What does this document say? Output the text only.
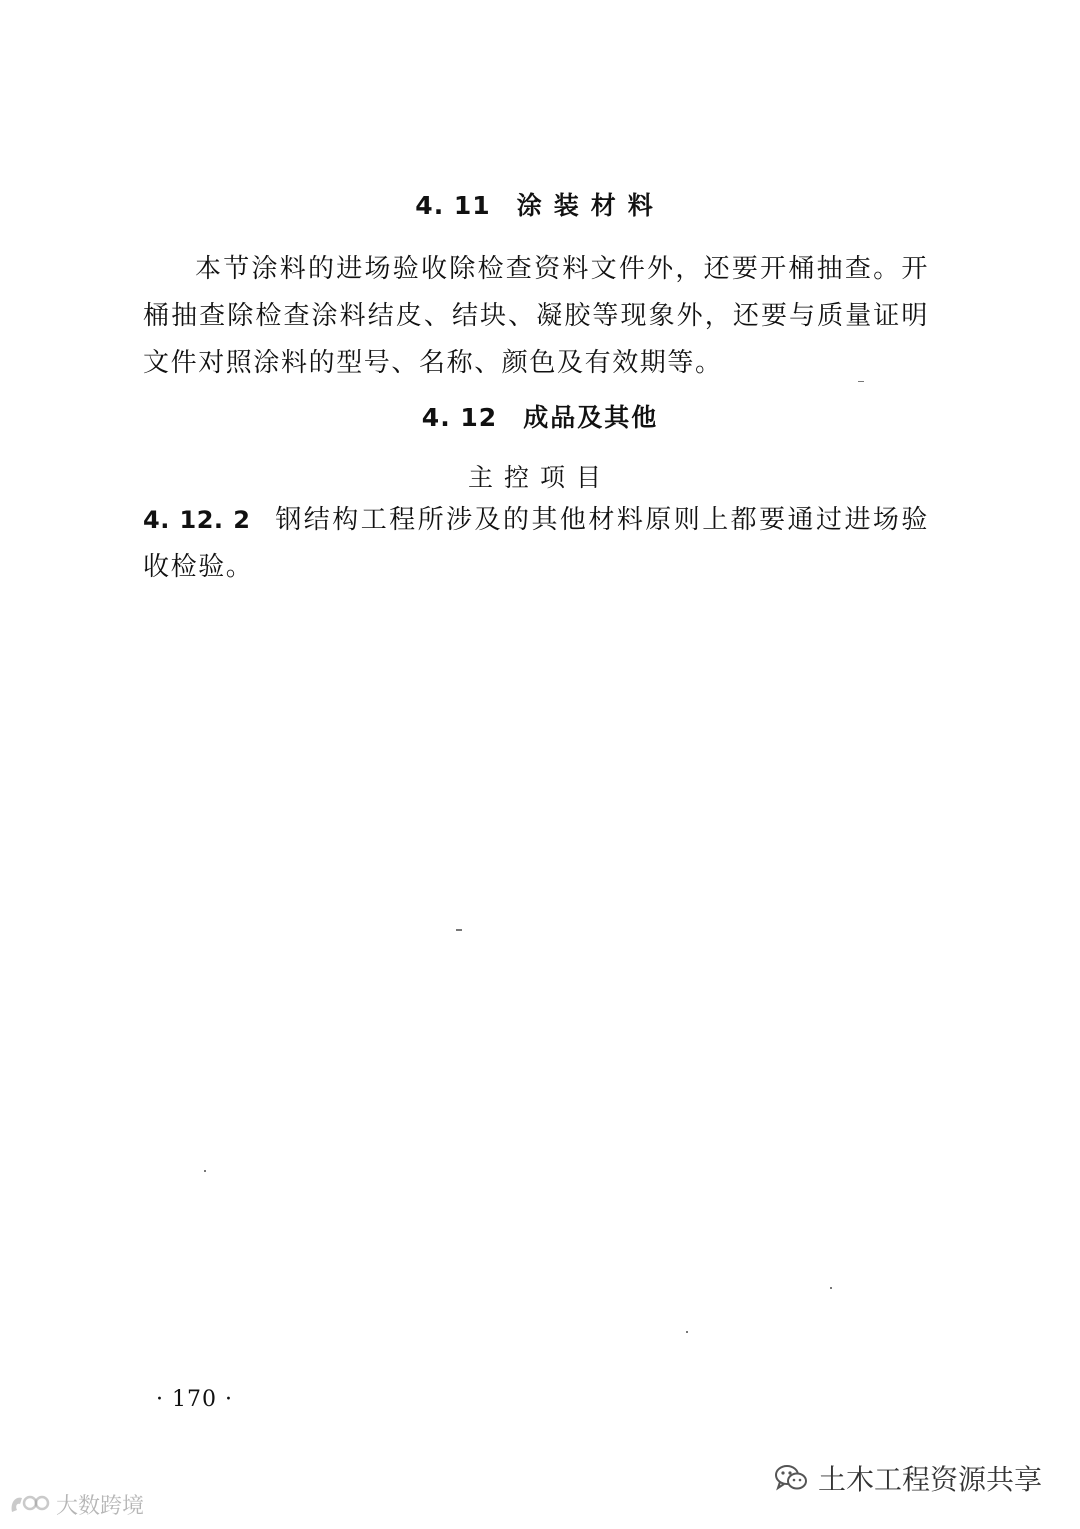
4. 11 涂装材料
本节涂料的进场验收除检查资料文件外，还要开桶抽查。开桶抽查除检查涂料结皮、结块、凝胶等现象外，还要与质量证明文件对照涂料的型号、名称、颜色及有效期等。
4. 12 成品及其他
主控项目
4. 12. 2 钢结构工程所涉及的其他材料原则上都要通过进场验收检验。
· 170 ·
大数跨境
土木工程资源共享
